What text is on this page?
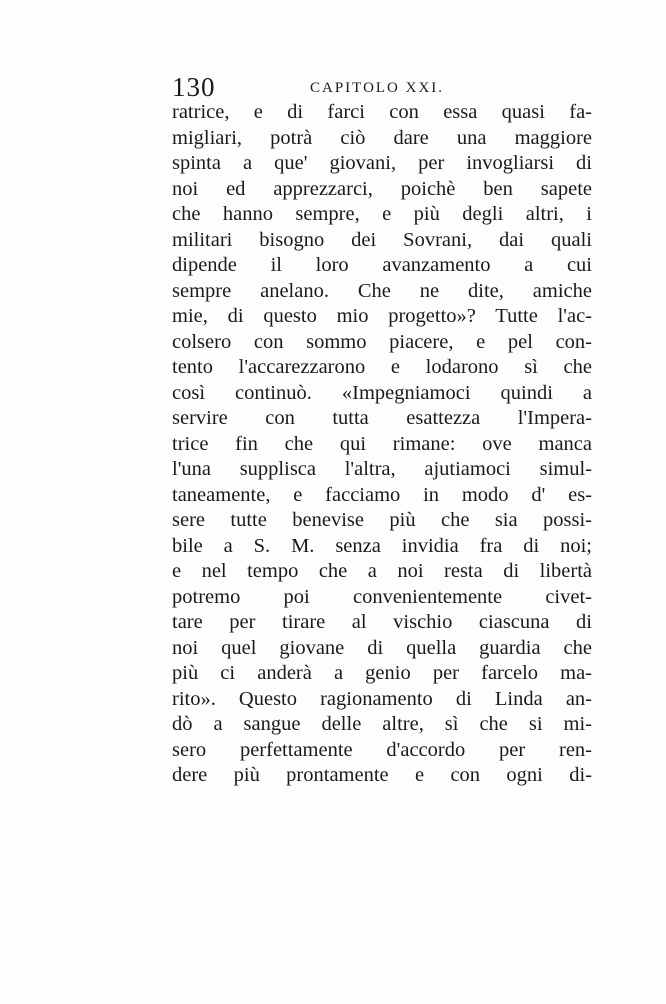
130	CAPITOLO XXI.
ratrice, e di farci con essa quasi fa-
migliari, potrà ciò dare una maggiore
spinta a que' giovani, per invogliarsi di
noi ed apprezzarci, poichè ben sapete
che hanno sempre, e più degli altri, i
militari bisogno dei Sovrani, dai quali
dipende il loro avanzamento a cui
sempre anelano. Che ne dite, amiche
mie, di questo mio progetto»? Tutte l'ac-
colsero con sommo piacere, e pel con-
tento l'accarezzarono e lodarono sì che
così continuò. «Impegniamoci quindi a
servire con tutta esattezza l'Impera-
trice fin che qui rimane: ove manca
l'una supplisca l'altra, ajutiamoci simul-
taneamente, e facciamo in modo d' es-
sere tutte benevise più che sia possi-
bile a S. M. senza invidia fra di noi;
e nel tempo che a noi resta di libertà
potremo poi convenientemente civet-
tare per tirare al vischio ciascuna di
noi quel giovane di quella guardia che
più ci anderà a genio per farcelo ma-
rito». Questo ragionamento di Linda an-
dò a sangue delle altre, sì che si mi-
sero perfettamente d'accordo per ren-
dere più prontamente e con ogni di-
